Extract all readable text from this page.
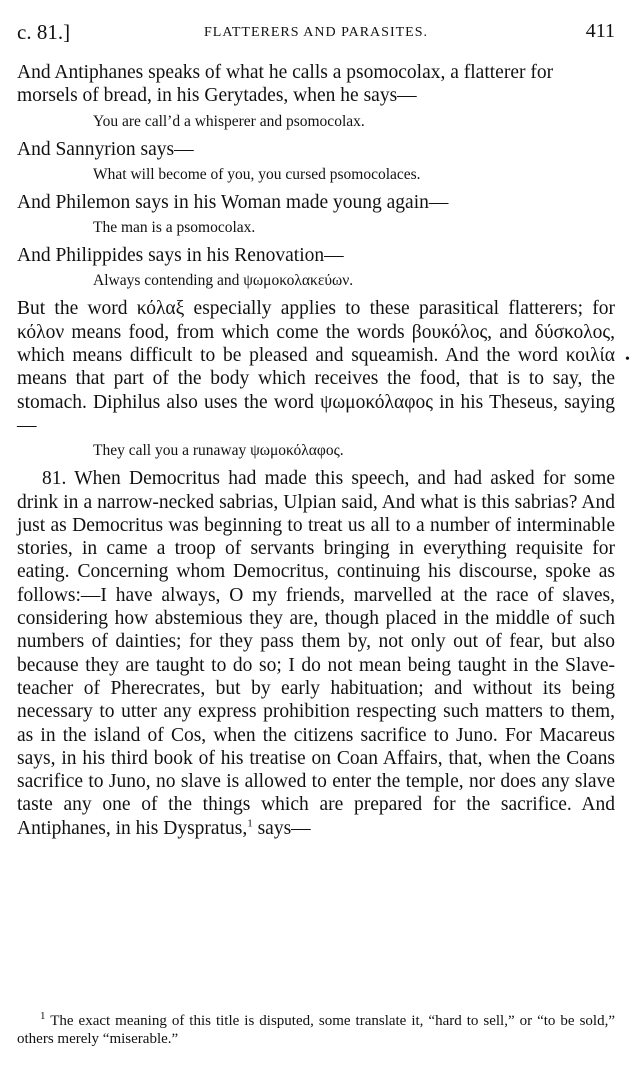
c. 81.]	FLATTERERS AND PARASITES.	411

And Antiphanes speaks of what he calls a psomocolax, a flatterer for morsels of bread, in his Gerytades, when he says—

You are call’d a whisperer and psomocolax.

And Sannyrion says—

What will become of you, you cursed psomocolaces.

And Philemon says in his Woman made young again—

The man is a psomocolax.

And Philippides says in his Renovation—

Always contending and ψωμοκολακεύων.

But the word κόλαξ especially applies to these parasitical flatterers; for κόλον means food, from which come the words βουκόλος, and δύσκολος, which means difficult to be pleased and squeamish. And the word κοιλία means that part of the body which receives the food, that is to say, the stomach. Diphilus also uses the word ψωμοκόλαφος in his Theseus, saying—

They call you a runaway ψωμοκόλαφος.

81. When Democritus had made this speech, and had asked for some drink in a narrow-necked sabrias, Ulpian said, And what is this sabrias? And just as Democritus was beginning to treat us all to a number of interminable stories, in came a troop of servants bringing in everything requisite for eating. Concerning whom Democritus, continuing his discourse, spoke as follows:—I have always, O my friends, marvelled at the race of slaves, considering how abstemious they are, though placed in the middle of such numbers of dainties; for they pass them by, not only out of fear, but also because they are taught to do so; I do not mean being taught in the Slave-teacher of Pherecrates, but by early habituation; and without its being necessary to utter any express prohibition respecting such matters to them, as in the island of Cos, when the citizens sacrifice to Juno. For Macareus says, in his third book of his treatise on Coan Affairs, that, when the Coans sacrifice to Juno, no slave is allowed to enter the temple, nor does any slave taste any one of the things which are prepared for the sacrifice. And Antiphanes, in his Dyspratus,$^1$ says—

•
$^1$ The exact meaning of this title is disputed, some translate it, “hard to sell,” or “to be sold,” others merely “miserable.”
